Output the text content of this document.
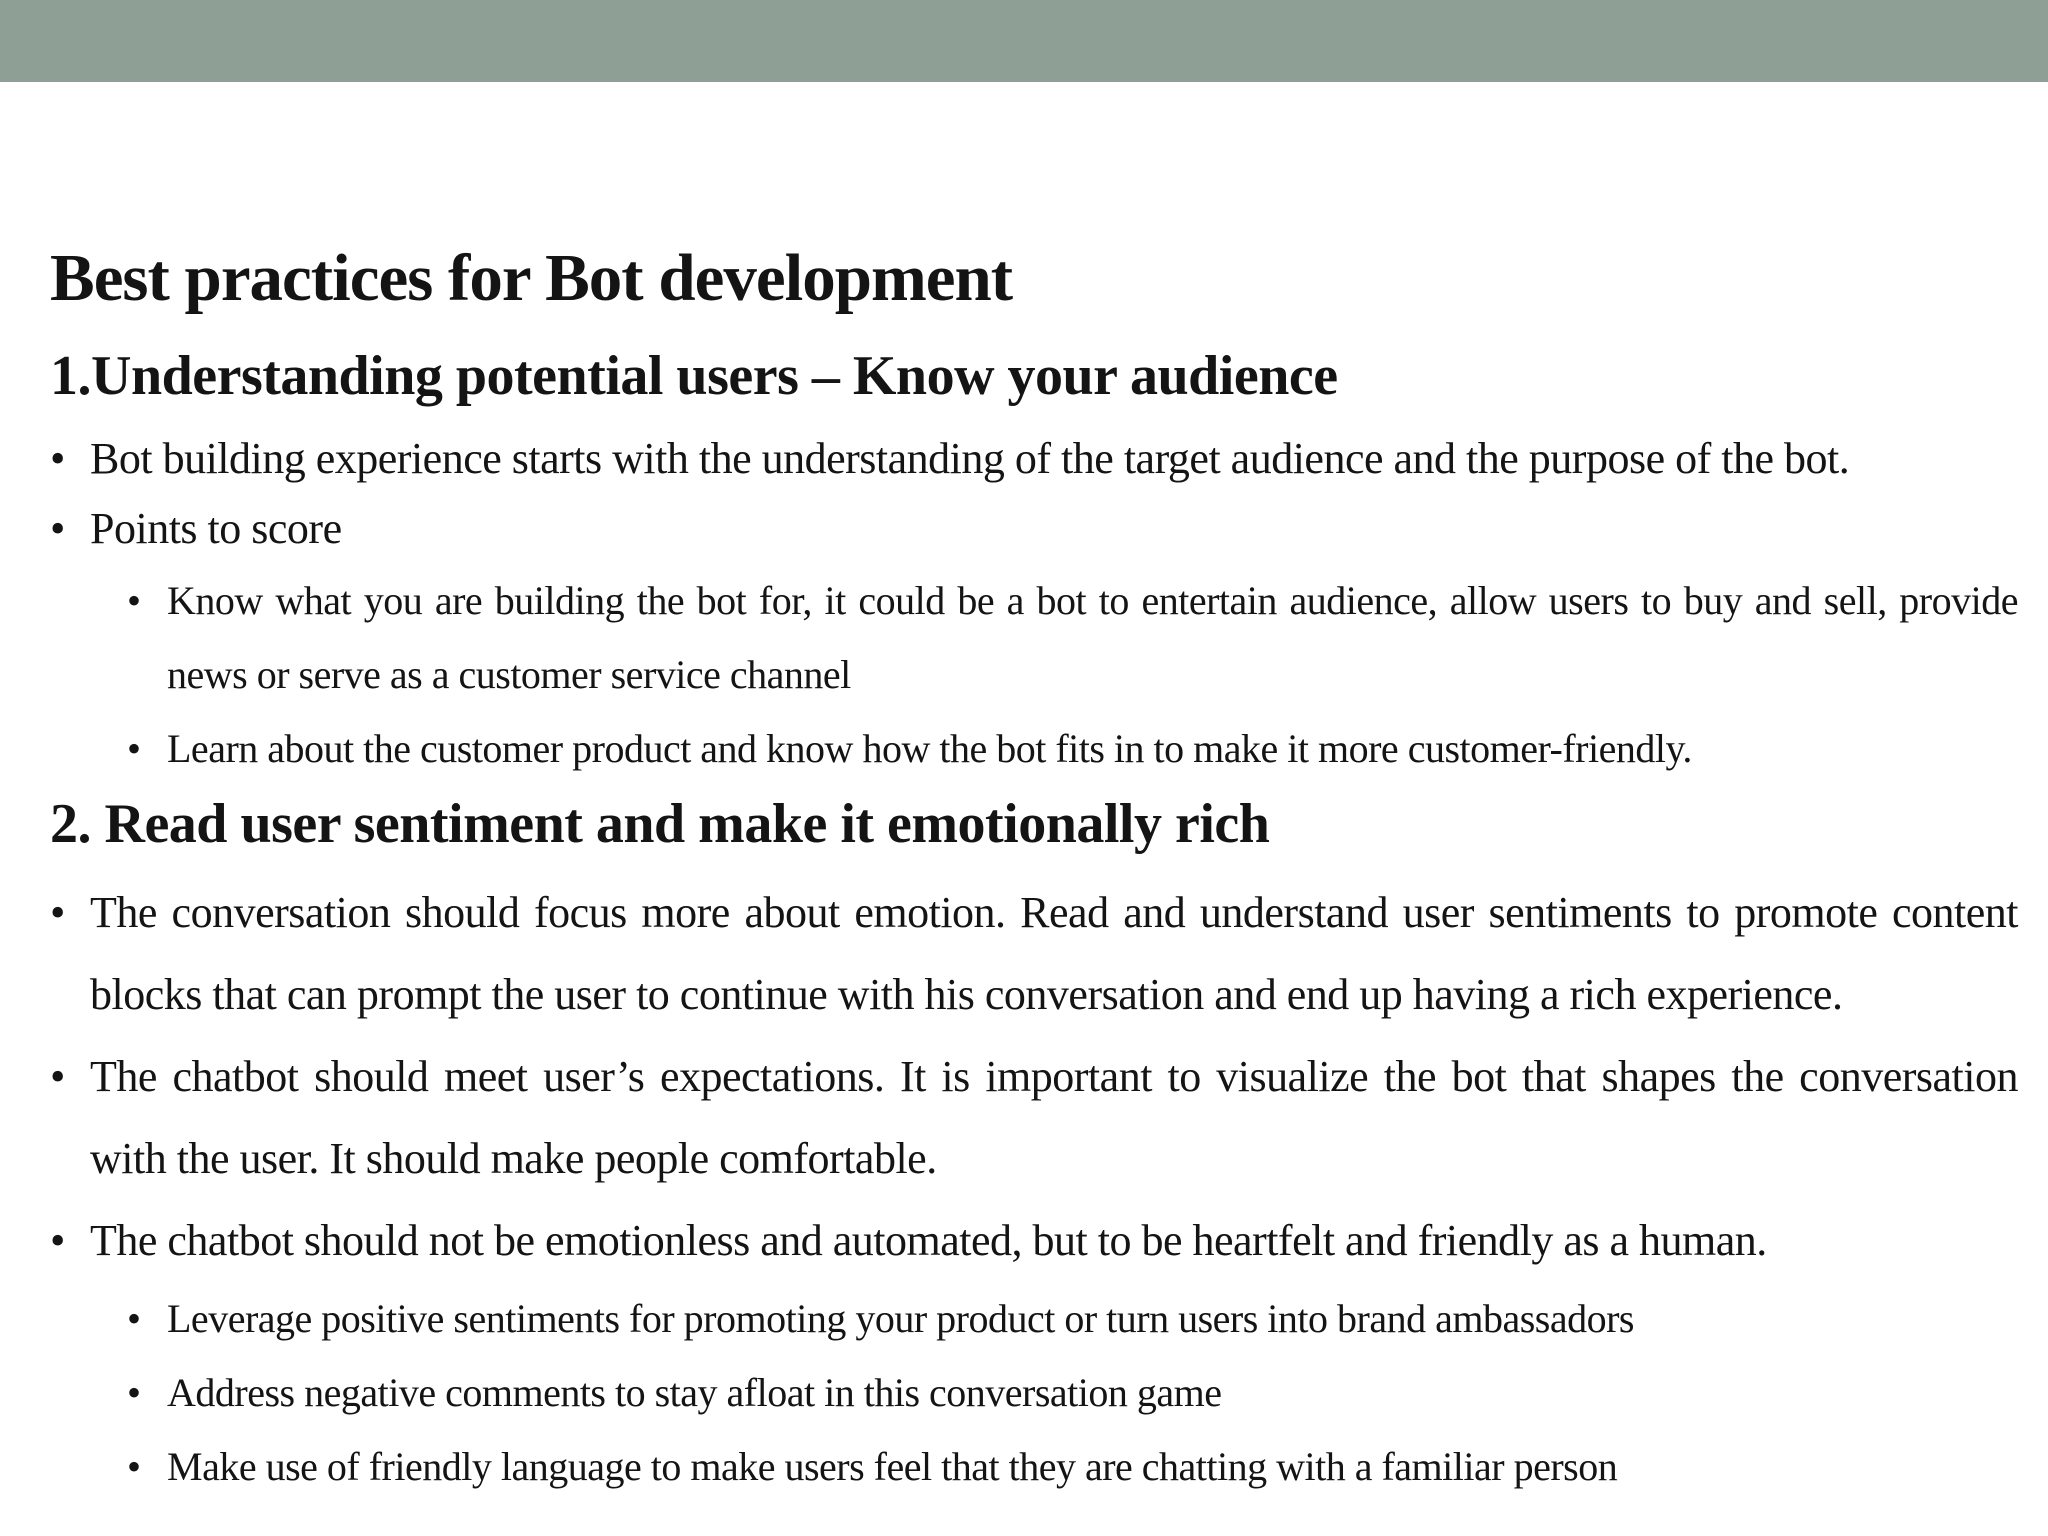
Best practices for Bot development
1.Understanding potential users – Know your audience
• Bot building experience starts with the understanding of the target audience and the purpose of the bot.
• Points to score
• Know what you are building the bot for, it could be a bot to entertain audience, allow users to buy and sell, provide news or serve as a customer service channel
• Learn about the customer product and know how the bot fits in to make it more customer-friendly.
2. Read user sentiment and make it emotionally rich
• The conversation should focus more about emotion. Read and understand user sentiments to promote content blocks that can prompt the user to continue with his conversation and end up having a rich experience.
• The chatbot should meet user’s expectations. It is important to visualize the bot that shapes the conversation with the user. It should make people comfortable.
• The chatbot should not be emotionless and automated, but to be heartfelt and friendly as a human.
• Leverage positive sentiments for promoting your product or turn users into brand ambassadors
• Address negative comments to stay afloat in this conversation game
• Make use of friendly language to make users feel that they are chatting with a familiar person
